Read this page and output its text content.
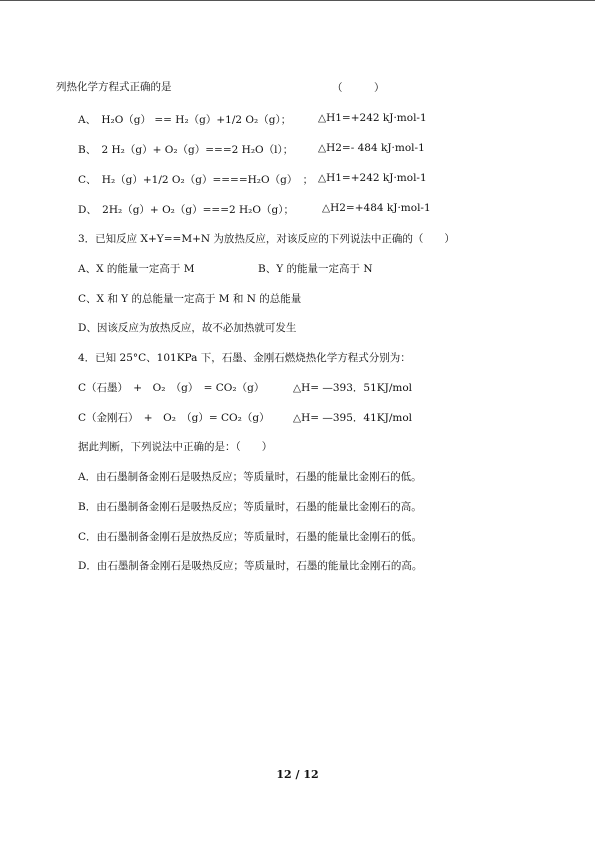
列热化学方程式正确的是	（　　　）
A、　H₂O（g） == H₂（g）+1/2 O₂（g）；	△H1=+242 kJ·mol-1
B、　2 H₂（g）+ O₂（g）===2 H₂O（l）； △H2=- 484 kJ·mol-1
C、　H₂（g）+1/2 O₂（g）====H₂O（g）　； △H1=+242 kJ·mol-1
D、　2H₂（g）+ O₂（g）===2 H₂O（g）；	△H2=+484 kJ·mol-1
3．已知反应 X+Y==M+N 为放热反应，对该反应的下列说法中正确的（　　）
A、X 的能量一定高于 M	B、Y 的能量一定高于 N
C、X 和 Y 的总能量一定高于 M 和 N 的总能量
D、因该反应为放热反应，故不必加热就可发生
4．已知 25°C、101KPa 下，石墨、金刚石燃烧热化学方程式分别为：
C（石墨）　+　O₂　（g）　= CO₂（g）	△H= —393．51KJ/mol
C（金刚石）　+　O₂　（g）= CO₂（g） △H= —395．41KJ/mol
据此判断，下列说法中正确的是：（　　）
A．由石墨制备金刚石是吸热反应；等质量时，石墨的能量比金刚石的低。
B．由石墨制备金刚石是吸热反应；等质量时，石墨的能量比金刚石的高。
C．由石墨制备金刚石是放热反应；等质量时，石墨的能量比金刚石的低。
D．由石墨制备金刚石是吸热反应；等质量时，石墨的能量比金刚石的高。
12 / 12
